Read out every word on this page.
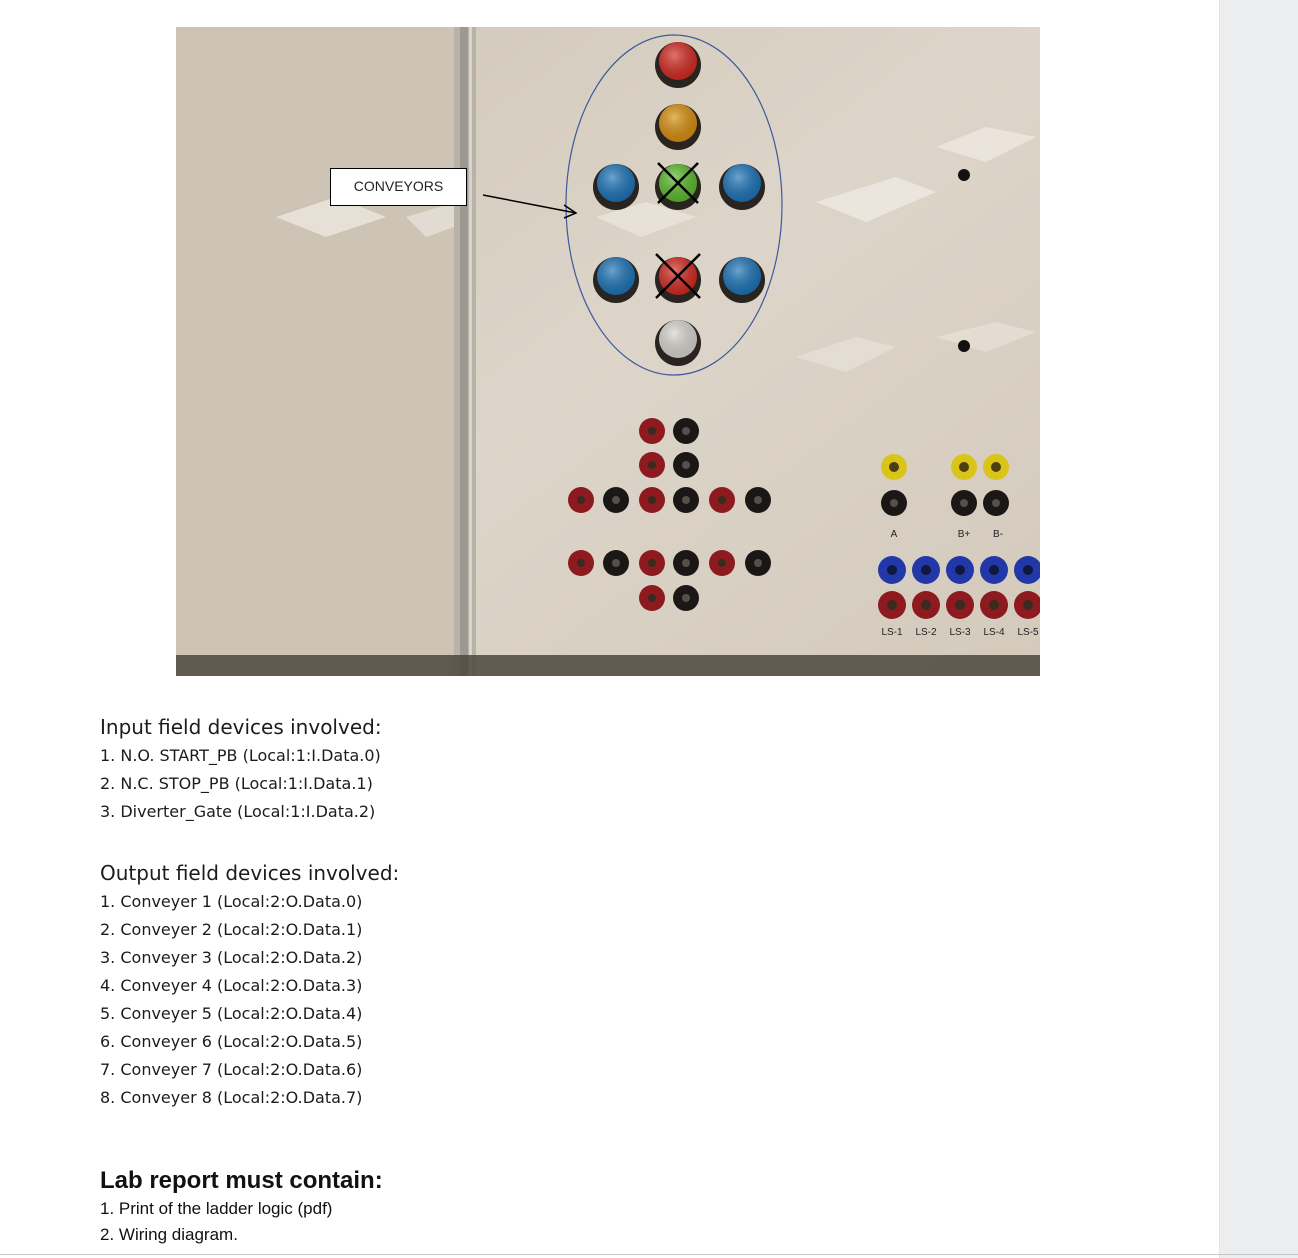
A	B+ B-
LS-1 LS-2 LS-3 LS-4 LS-5
CONVEYORS
Input field devices involved:
1. N.O. START_PB (Local:1:I.Data.0)
2. N.C. STOP_PB (Local:1:I.Data.1)
3. Diverter_Gate (Local:1:I.Data.2)
Output field devices involved:
1. Conveyer 1 (Local:2:O.Data.0)
2. Conveyer 2 (Local:2:O.Data.1)
3. Conveyer 3 (Local:2:O.Data.2)
4. Conveyer 4 (Local:2:O.Data.3)
5. Conveyer 5 (Local:2:O.Data.4)
6. Conveyer 6 (Local:2:O.Data.5)
7. Conveyer 7 (Local:2:O.Data.6)
8. Conveyer 8 (Local:2:O.Data.7)
Lab report must contain:
1. Print of the ladder logic (pdf)
2. Wiring diagram.
